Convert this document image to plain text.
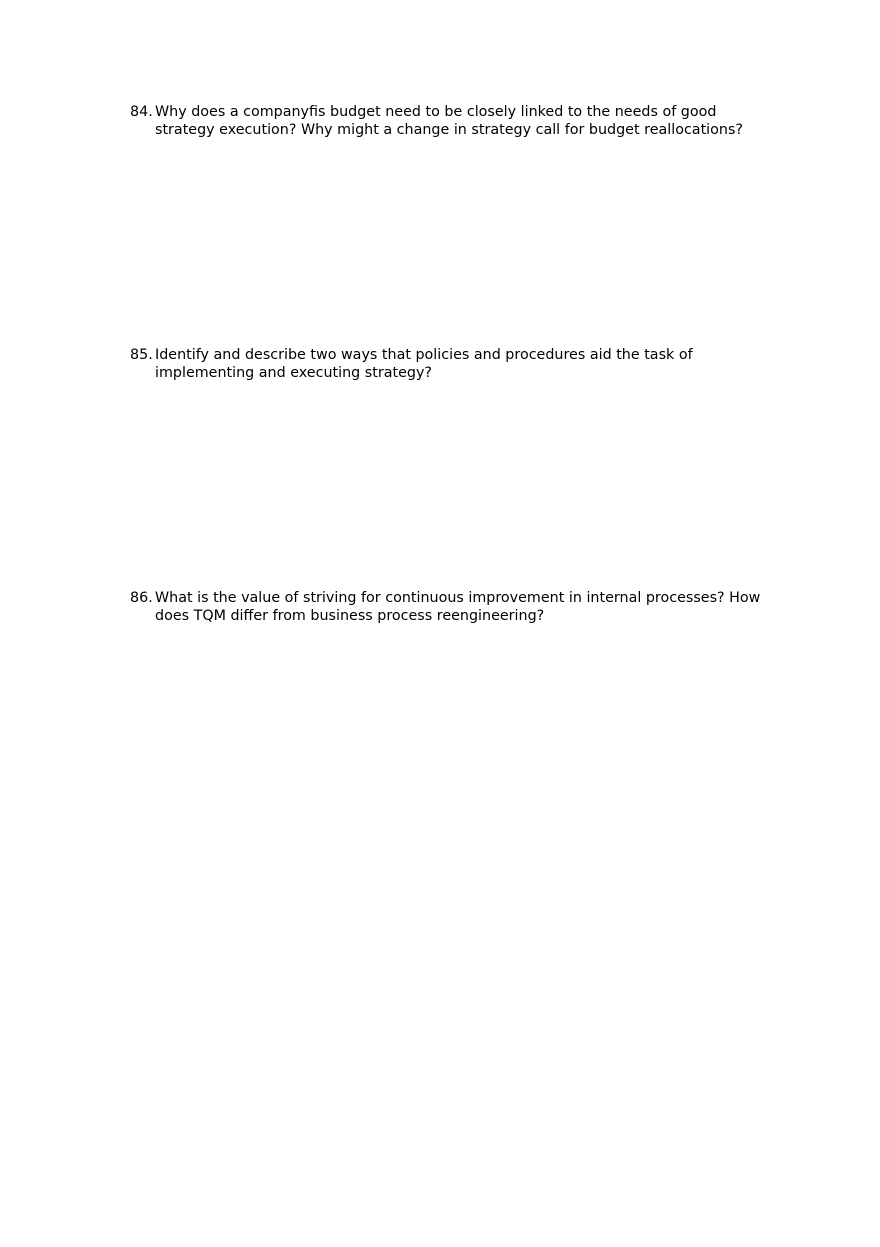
84. Why does a companyfis budget need to be closely linked to the needs of good strategy execution? Why might a change in strategy call for budget reallocations?
85. Identify and describe two ways that policies and procedures aid the task of implementing and executing strategy?
86. What is the value of striving for continuous improvement in internal processes? How does TQM differ from business process reengineering?
